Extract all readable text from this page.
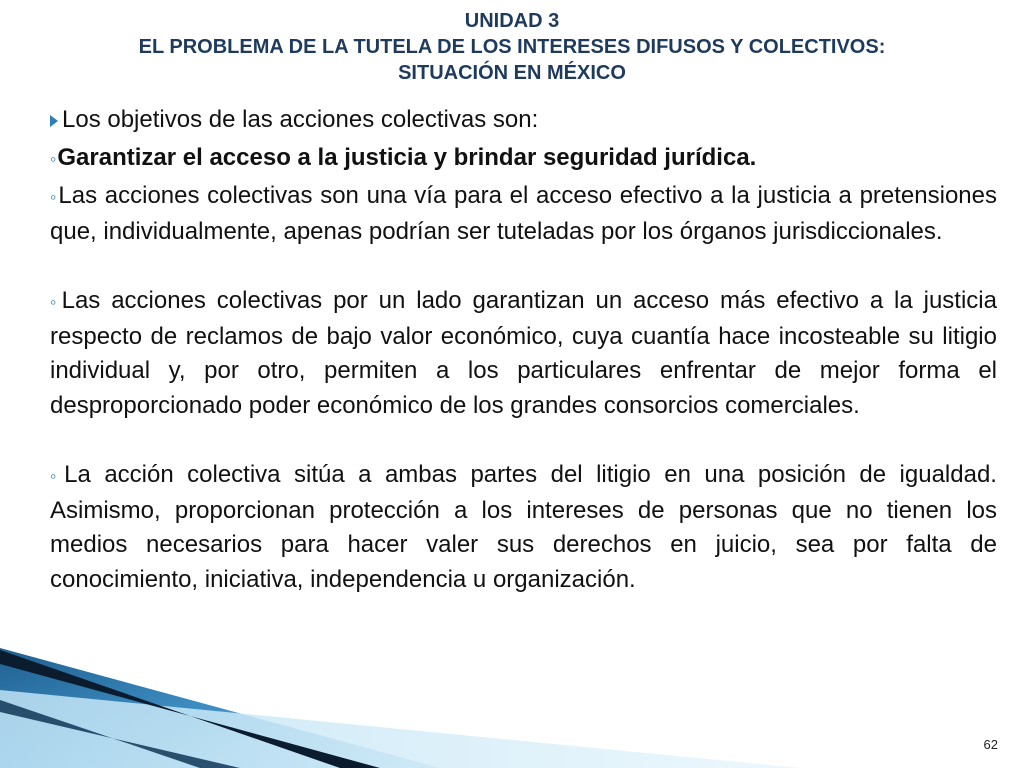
UNIDAD 3
EL PROBLEMA DE LA TUTELA DE LOS INTERESES DIFUSOS Y COLECTIVOS:
SITUACIÓN EN MÉXICO

Los objetivos de las acciones colectivas son:

◦Garantizar el acceso a la justicia y brindar seguridad jurídica.

◦Las acciones colectivas son una vía para el acceso efectivo a la justicia a pretensiones que, individualmente, apenas podrían ser tuteladas por los órganos jurisdiccionales.

◦Las acciones colectivas por un lado garantizan un acceso más efectivo a la justicia respecto de reclamos de bajo valor económico, cuya cuantía hace incosteable su litigio individual y, por otro, permiten a los particulares enfrentar de mejor forma el desproporcionado poder económico de los grandes consorcios comerciales.

◦La acción colectiva sitúa a ambas partes del litigio en una posición de igualdad. Asimismo, proporcionan protección a los intereses de personas que no tienen los medios necesarios para hacer valer sus derechos en juicio, sea por falta de conocimiento, iniciativa, independencia u organización.

62
